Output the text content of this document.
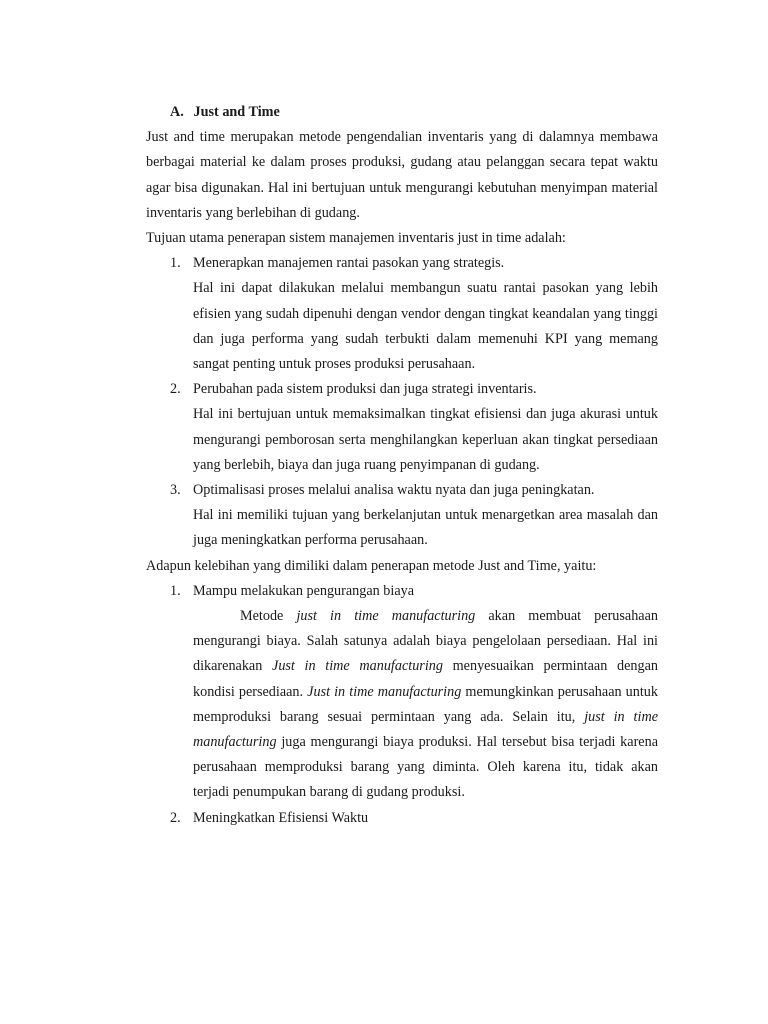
A. Just and Time

Just and time merupakan metode pengendalian inventaris yang di dalamnya membawa berbagai material ke dalam proses produksi, gudang atau pelanggan secara tepat waktu agar bisa digunakan. Hal ini bertujuan untuk mengurangi kebutuhan menyimpan material inventaris yang berlebihan di gudang.

Tujuan utama penerapan sistem manajemen inventaris just in time adalah:

1. Menerapkan manajemen rantai pasokan yang strategis.

Hal ini dapat dilakukan melalui membangun suatu rantai pasokan yang lebih efisien yang sudah dipenuhi dengan vendor dengan tingkat keandalan yang tinggi dan juga performa yang sudah terbukti dalam memenuhi KPI yang memang sangat penting untuk proses produksi perusahaan.

2. Perubahan pada sistem produksi dan juga strategi inventaris.

Hal ini bertujuan untuk memaksimalkan tingkat efisiensi dan juga akurasi untuk mengurangi pemborosan serta menghilangkan keperluan akan tingkat persediaan yang berlebih, biaya dan juga ruang penyimpanan di gudang.

3. Optimalisasi proses melalui analisa waktu nyata dan juga peningkatan.

Hal ini memiliki tujuan yang berkelanjutan untuk menargetkan area masalah dan juga meningkatkan performa perusahaan.

Adapun kelebihan yang dimiliki dalam penerapan metode Just and Time, yaitu:

1. Mampu melakukan pengurangan biaya

Metode just in time manufacturing akan membuat perusahaan mengurangi biaya. Salah satunya adalah biaya pengelolaan persediaan. Hal ini dikarenakan Just in time manufacturing menyesuaikan permintaan dengan kondisi persediaan. Just in time manufacturing memungkinkan perusahaan untuk memproduksi barang sesuai permintaan yang ada. Selain itu, just in time manufacturing juga mengurangi biaya produksi. Hal tersebut bisa terjadi karena perusahaan memproduksi barang yang diminta. Oleh karena itu, tidak akan terjadi penumpukan barang di gudang produksi.

2. Meningkatkan Efisiensi Waktu
